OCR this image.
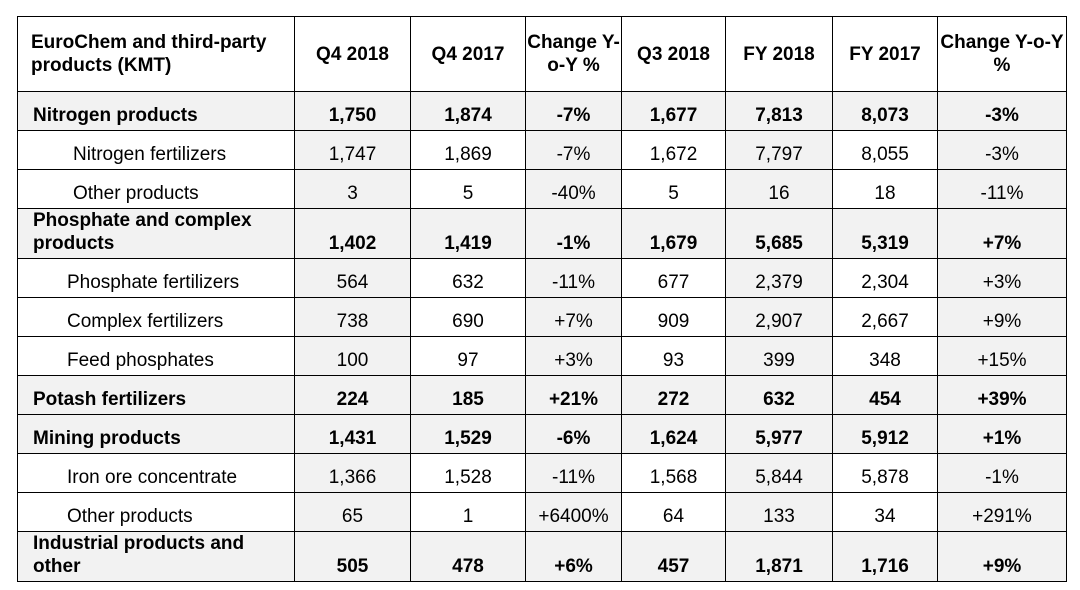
EuroChem and third-party products (KMT)	Q4 2018	Q4 2017	Change Y-o-Y %	Q3 2018	FY 2018	FY 2017	Change Y-o-Y %
Nitrogen products	1,750	1,874	-7%	1,677	7,813	8,073	-3%
Nitrogen fertilizers	1,747	1,869	-7%	1,672	7,797	8,055	-3%
Other products	3	5	-40%	5	16	18	-11%
Phosphate and complex products	1,402	1,419	-1%	1,679	5,685	5,319	+7%
Phosphate fertilizers	564	632	-11%	677	2,379	2,304	+3%
Complex fertilizers	738	690	+7%	909	2,907	2,667	+9%
Feed phosphates	100	97	+3%	93	399	348	+15%
Potash fertilizers	224	185	+21%	272	632	454	+39%
Mining products	1,431	1,529	-6%	1,624	5,977	5,912	+1%
Iron ore concentrate	1,366	1,528	-11%	1,568	5,844	5,878	-1%
Other products	65	1	+6400%	64	133	34	+291%
Industrial products and other	505	478	+6%	457	1,871	1,716	+9%
